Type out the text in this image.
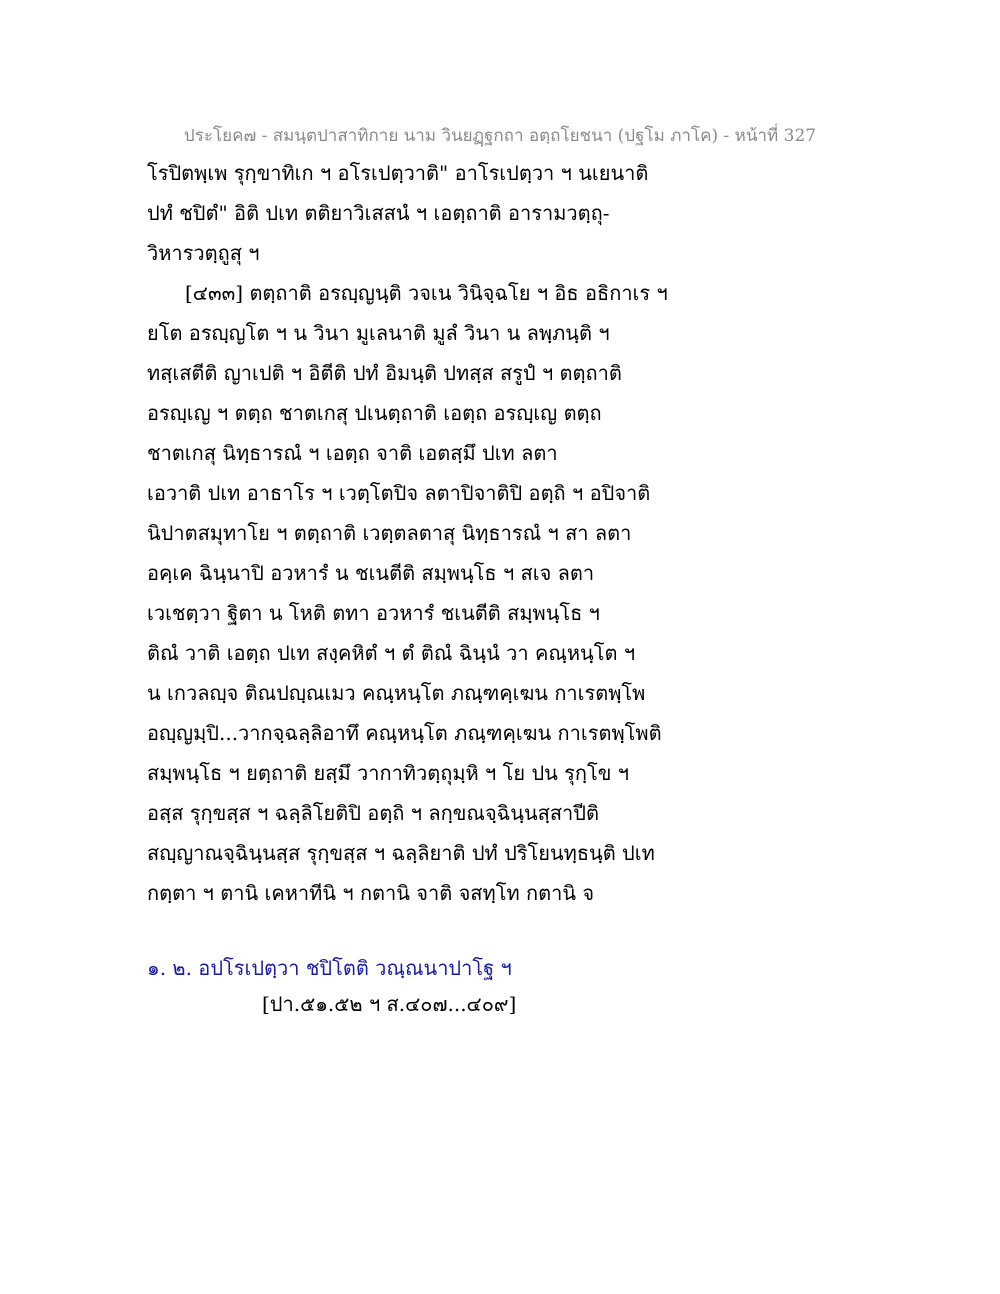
ประโยค๗ - สมนฺตปาสาทิกาย นาม วินยฏฺฐกถา อตฺถโยชนา (ปฐโม ภาโค) - หน้าที่ 327
โรปิตพฺเพ รุกฺขาทิเก ฯ อโรเปตฺวาติ" อาโรเปตฺวา ฯ นเยนาติ
ปทํ ชปิตํ" อิติ ปเท ตติยาวิเสสนํ ฯ เอตฺถาติ อารามวตฺถุ-
วิหารวตฺถูสุ ฯ
[๔๓๓] ตตฺถาติ อรญฺญนฺติ วจเน วินิจฺฉโย ฯ อิธ อธิกาเร ฯ
ยโต อรญฺญโต ฯ น วินา มูเลนาติ มูลํ วินา น ลพฺภนฺติ ฯ
ทสฺเสตีติ ญาเปติ ฯ อิตีติ ปทํ อิมนฺติ ปทสฺส สรูปํ ฯ ตตฺถาติ
อรญฺเญ ฯ ตตฺถ ชาตเกสุ ปเนตฺถาติ เอตฺถ อรญฺเญ ตตฺถ
ชาตเกสุ นิทฺธารณํ ฯ เอตฺถ จาติ เอตสฺมึ ปเท ลตา
เอวาติ ปเท อาธาโร ฯ เวตฺโตปิจ ลตาปิจาติปิ อตฺถิ ฯ อปิจาติ
นิปาตสมุทาโย ฯ ตตฺถาติ เวตฺตลตาสุ นิทฺธารณํ ฯ สา ลตา
อคฺเค ฉินฺนาปิ อวหารํ น ชเนตีติ สมฺพนฺโธ ฯ สเจ ลตา
เวเชตฺวา ฐิตา น โหติ ตทา อวหารํ ชเนตีติ สมฺพนฺโธ ฯ
ติณํ วาติ เอตฺถ ปเท สงฺคหิตํ ฯ ตํ ติณํ ฉินฺนํ วา คณฺหนฺโต ฯ
น เกวลญฺจ ติณปญฺณเมว คณฺหนฺโต ภณฺฑคฺเฆน กาเรตพฺโพ
อญฺญมฺปิ...วากจฺฉลฺลิอาทึ คณฺหนฺโต ภณฺฑคฺเฆน กาเรตพฺโพติ
สมฺพนฺโธ ฯ ยตฺถาติ ยสฺมึ วากาทิวตฺถุมฺหิ ฯ โย ปน รุกฺโข ฯ
อสฺส รุกฺขสฺส ฯ ฉลฺลิโยติปิ อตฺถิ ฯ ลกฺขณจฺฉินฺนสฺสาปีติ
สญฺญาณจฺฉินฺนสฺส รุกฺขสฺส ฯ ฉลฺลิยาติ ปทํ ปริโยนทฺธนฺติ ปเท
กตฺตา ฯ ตานิ เคหาทีนิ ฯ กตานิ จาติ จสทฺโท กตานิ จ
๑. ๒. อปโรเปตฺวา ชปิโตติ วณฺณนาปาโฐ ฯ
[ปา.๕๑.๕๒ ฯ ส.๔๐๗...๔๐๙]
